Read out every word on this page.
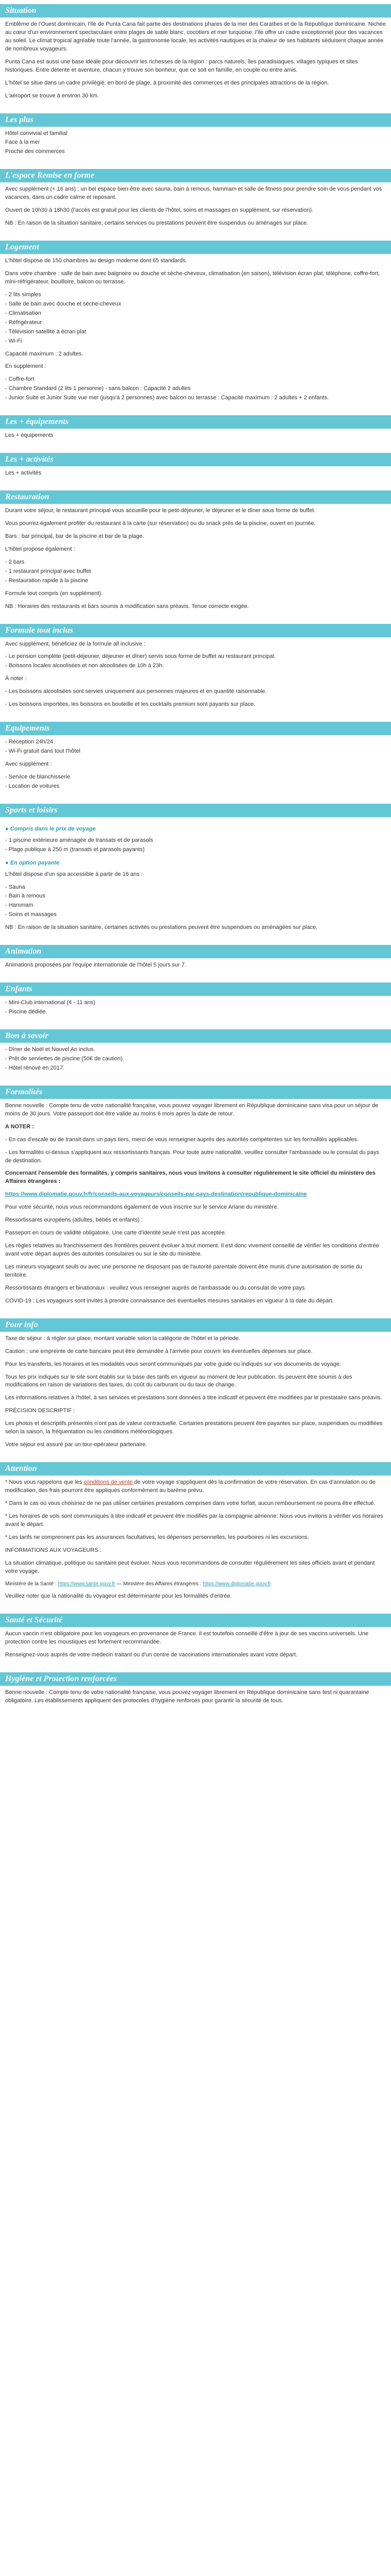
Situation

Emblème de l'Ouest dominicain, l'île de Punta Cana fait partie des destinations phares de la mer des Caraïbes et de la République dominicaine. Nichée au cœur d'un environnement spectaculaire entre plages de sable blanc, cocotiers et mer turquoise, l'île offre un cadre exceptionnel pour des vacances au soleil. Le climat tropical agréable toute l'année, la gastronomie locale, les activités nautiques et la chaleur de ses habitants séduisent chaque année de nombreux voyageurs.

Punta Cana est aussi une base idéale pour découvrir les richesses de la région : parcs naturels, îles paradisiaques, villages typiques et sites historiques. Entre détente et aventure, chacun y trouve son bonheur, que ce soit en famille, en couple ou entre amis.

L'hôtel se situe dans un cadre privilégié, en bord de plage, à proximité des commerces et des principales attractions de la région.

L'aéroport se trouve à environ 30 km.

Les plus
Hôtel convivial et familial
Face à la mer
Proche des commerces
L'espace Remise en forme

Avec supplément (+ 16 ans) : un bel espace bien-être avec sauna, bain à remous, hammam et salle de fitness pour prendre soin de vous pendant vos vacances, dans un cadre calme et reposant.

Ouvert de 10h30 à 18h30 (l'accès est gratuit pour les clients de l'hôtel, soins et massages en supplément, sur réservation).

NB : En raison de la situation sanitaire, certains services ou prestations peuvent être suspendus ou aménagés sur place.

Logement

L'hôtel dispose de 150 chambres au design moderne dont 65 standards.

Dans votre chambre : salle de bain avec baignoire ou douche et sèche-cheveux, climatisation (en saison), télévision écran plat, téléphone, coffre-fort, mini-réfrigérateur, bouilloire, balcon ou terrasse.

- 2 lits simples
- Salle de bain avec douche et sèche-cheveux
- Climatisation
- Réfrigérateur
- Télévision satellite à écran plat
- Wi-Fi

Capacité maximum : 2 adultes.

En supplément :

- Coffre-fort
- Chambre Standard (2 lits 1 personne) - sans balcon : Capacité 2 adultes
- Junior Suite et Junior Suite vue mer (jusqu'à 2 personnes) avec balcon ou terrasse : Capacité maximum : 2 adultes + 2 enfants.
Les + équipements

Les + équipements

Les + activités

Les + activités

Restauration

Durant votre séjour, le restaurant principal vous accueille pour le petit-déjeuner, le déjeuner et le dîner sous forme de buffet.

Vous pourrez également profiter du restaurant à la carte (sur réservation) ou du snack près de la piscine, ouvert en journée.

Bars : bar principal, bar de la piscine et bar de la plage.

L'hôtel propose également :

- 2 bars
- 1 restaurant principal avec buffet
- Restauration rapide à la piscine

Formule tout compris (en supplément).

NB : Horaires des restaurants et bars soumis à modification sans préavis. Tenue correcte exigée.

Formule tout inclus

Avec supplément, bénéficiez de la formule all inclusive :

- Le pension complète (petit-déjeuner, déjeuner et dîner) servis sous forme de buffet au restaurant principal.
- Boissons locales alcoolisées et non alcoolisées de 10h à 23h.

À noter :

- Les boissons alcoolisées sont servies uniquement aux personnes majeures et en quantité raisonnable.

- Les boissons importées, les boissons en bouteille et les cocktails premium sont payants sur place.

Equipements
- Réception 24h/24
- Wi-Fi gratuit dans tout l'hôtel

Avec supplément :

- Service de blanchisserie
- Location de voitures
Sports et loisirs
● Compris dans le prix de voyage
- 1 piscine extérieure aménagée de transats et de parasols
- Plage publique à 250 m (transats et parasols payants)
● En option payante

L'hôtel dispose d'un spa accessible à partir de 16 ans :

- Sauna
- Bain à remous
- Hammam
- Soins et massages

NB : En raison de la situation sanitaire, certaines activités ou prestations peuvent être suspendues ou aménagées sur place.

Animation

Animations proposées par l'équipe internationale de l'hôtel 5 jours sur 7.

Enfants
- Mini-Club international (4 - 11 ans)
- Piscine dédiée.
Bon à savoir
- Dîner de Noël et Nouvel An inclus.
- Prêt de serviettes de piscine (50€ de caution).
- Hôtel rénové en 2017.
Formalités

Bonne nouvelle : Compte tenu de votre nationalité française, vous pouvez voyager librement en République dominicaine sans visa pour un séjour de moins de 30 jours. Votre passeport doit être valide au moins 6 mois après la date de retour.

A NOTER :

- En cas d'escale ou de transit dans un pays tiers, merci de vous renseigner auprès des autorités compétentes sur les formalités applicables.

- Les formalités ci-dessus s'appliquent aux ressortissants français. Pour toute autre nationalité, veuillez consulter l'ambassade ou le consulat du pays de destination.

Concernant l'ensemble des formalités, y compris sanitaires, nous vous invitons à consulter régulièrement le site officiel du ministère des Affaires étrangères :

https://www.diplomatie.gouv.fr/fr/conseils-aux-voyageurs/conseils-par-pays-destination/republique-dominicaine

Pour votre sécurité, nous vous recommandons également de vous inscrire sur le service Ariane du ministère.

Ressortissants européens (adultes, bébés et enfants) :

Passeport en cours de validité obligatoire. Une carte d'identité seule n'est pas acceptée.

Les règles relatives au franchissement des frontières peuvent évoluer à tout moment. Il est donc vivement conseillé de vérifier les conditions d'entrée avant votre départ auprès des autorités consulaires ou sur le site du ministère.

Les mineurs voyageant seuls ou avec une personne ne disposant pas de l'autorité parentale doivent être munis d'une autorisation de sortie du territoire.

Ressortissants étrangers et binationaux : veuillez vous renseigner auprès de l'ambassade ou du consulat de votre pays.

COVID-19 : Les voyageurs sont invités à prendre connaissance des éventuelles mesures sanitaires en vigueur à la date du départ.

Pour info

Taxe de séjour : à régler sur place, montant variable selon la catégorie de l'hôtel et la période.

Caution : une empreinte de carte bancaire peut être demandée à l'arrivée pour couvrir les éventuelles dépenses sur place.

Pour les transferts, les horaires et les modalités vous seront communiqués par votre guide ou indiqués sur vos documents de voyage.

Tous les prix indiqués sur le site sont établis sur la base des tarifs en vigueur au moment de leur publication. Ils peuvent être soumis à des modifications en raison de variations des taxes, du coût du carburant ou du taux de change.

Les informations relatives à l'hôtel, à ses services et prestations sont données à titre indicatif et peuvent être modifiées par le prestataire sans préavis.

PRÉCISION DESCRIPTIF :

Les photos et descriptifs présentés n'ont pas de valeur contractuelle. Certaines prestations peuvent être payantes sur place, suspendues ou modifiées selon la saison, la fréquentation ou les conditions météorologiques.

Votre séjour est assuré par un tour-opérateur partenaire.

Attention

* Nous vous rappelons que les conditions de vente de votre voyage s'appliquent dès la confirmation de votre réservation. En cas d'annulation ou de modification, des frais pourront être appliqués conformément au barème prévu.

* Dans le cas où vous choisiriez de ne pas utiliser certaines prestations comprises dans votre forfait, aucun remboursement ne pourra être effectué.

* Les horaires de vols sont communiqués à titre indicatif et peuvent être modifiés par la compagnie aérienne. Nous vous invitons à vérifier vos horaires avant le départ.

* Les tarifs ne comprennent pas les assurances facultatives, les dépenses personnelles, les pourboires ni les excursions.

INFORMATIONS AUX VOYAGEURS :

La situation climatique, politique ou sanitaire peut évoluer. Nous vous recommandons de consulter régulièrement les sites officiels avant et pendant votre voyage.

Ministère de la Santé : https://www.sante.gouv.fr — Ministère des Affaires étrangères : https://www.diplomatie.gouv.fr

Veuillez noter que la nationalité du voyageur est déterminante pour les formalités d'entrée.

Santé et Sécurité

Aucun vaccin n'est obligatoire pour les voyageurs en provenance de France. Il est toutefois conseillé d'être à jour de ses vaccins universels. Une protection contre les moustiques est fortement recommandée.

Renseignez-vous auprès de votre médecin traitant ou d'un centre de vaccinations internationales avant votre départ.

Hygiène et Protection renforcées

Bonne nouvelle : Compte tenu de votre nationalité française, vous pouvez voyager librement en République dominicaine sans test ni quarantaine obligatoire. Les établissements appliquent des protocoles d'hygiène renforcés pour garantir la sécurité de tous.
